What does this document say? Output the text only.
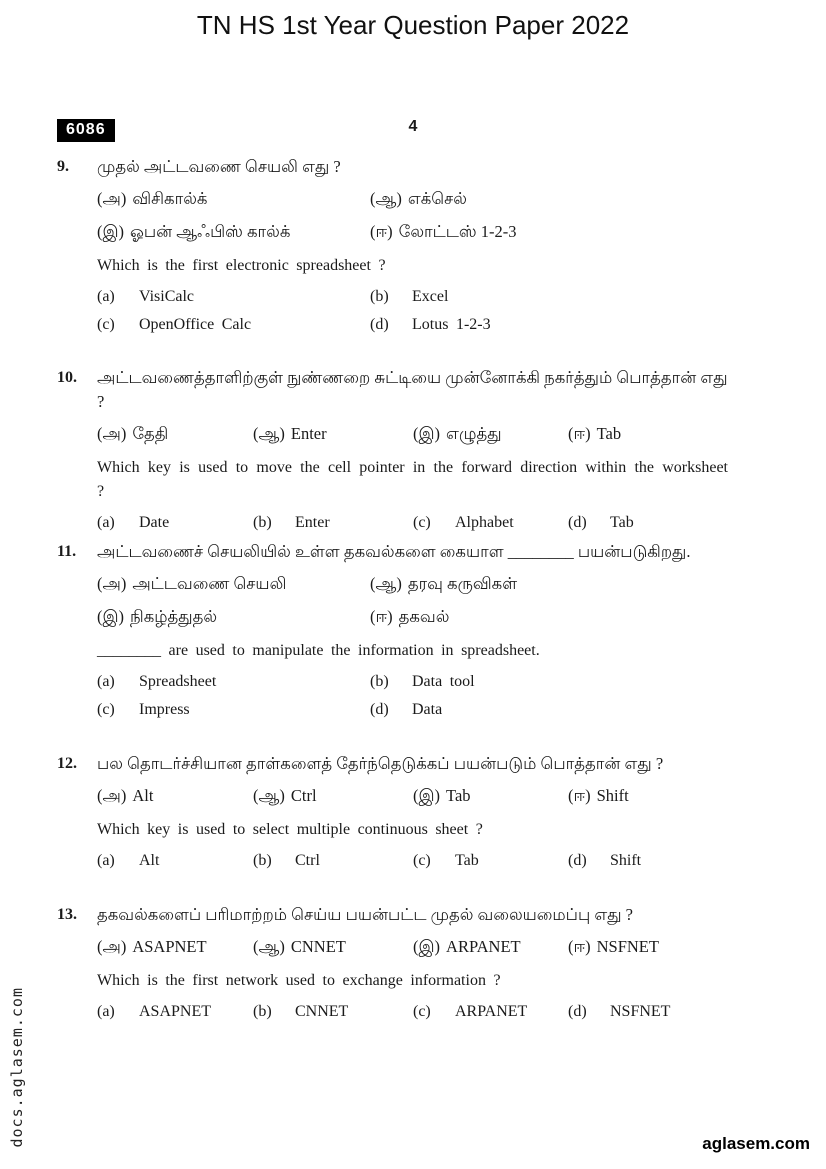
TN HS 1st Year Question Paper 2022
6086	4
9.	முதல் அட்டவணை செயலி எது ?
(அ) விசிகால்க்	(ஆ) எக்செல்
(இ) ஓபன் ஆஃபிஸ் கால்க்	(ஈ) லோட்டஸ் 1-2-3
Which is the first electronic spreadsheet ?
(a) VisiCalc	(b) Excel
(c) OpenOffice Calc	(d) Lotus 1-2-3
10.	அட்டவணைத்தாளிற்குள் நுண்ணறை சுட்டியை முன்னோக்கி நகர்த்தும் பொத்தான் எது ?
(அ) தேதி	(ஆ) Enter	(இ) எழுத்து	(ஈ) Tab
Which key is used to move the cell pointer in the forward direction within the worksheet ?
(a) Date	(b) Enter	(c) Alphabet	(d) Tab
11.	அட்டவணைச் செயலியில் உள்ள தகவல்களை கையாள ________ பயன்படுகிறது.
(அ) அட்டவணை செயலி	(ஆ) தரவு கருவிகள்
(இ) நிகழ்த்துதல்	(ஈ) தகவல்
________ are used to manipulate the information in spreadsheet.
(a) Spreadsheet	(b) Data tool
(c) Impress	(d) Data
12.	பல தொடர்ச்சியான தாள்களைத் தேர்ந்தெடுக்கப் பயன்படும் பொத்தான் எது ?
(அ) Alt	(ஆ) Ctrl	(இ) Tab	(ஈ) Shift
Which key is used to select multiple continuous sheet ?
(a) Alt	(b) Ctrl	(c) Tab	(d) Shift
13.	தகவல்களைப் பரிமாற்றம் செய்ய பயன்பட்ட முதல் வலையமைப்பு எது ?
(அ) ASAPNET	(ஆ) CNNET	(இ) ARPANET	(ஈ) NSFNET
Which is the first network used to exchange information ?
(a) ASAPNET	(b) CNNET	(c) ARPANET	(d) NSFNET
docs.aglasem.com	aglasem.com
